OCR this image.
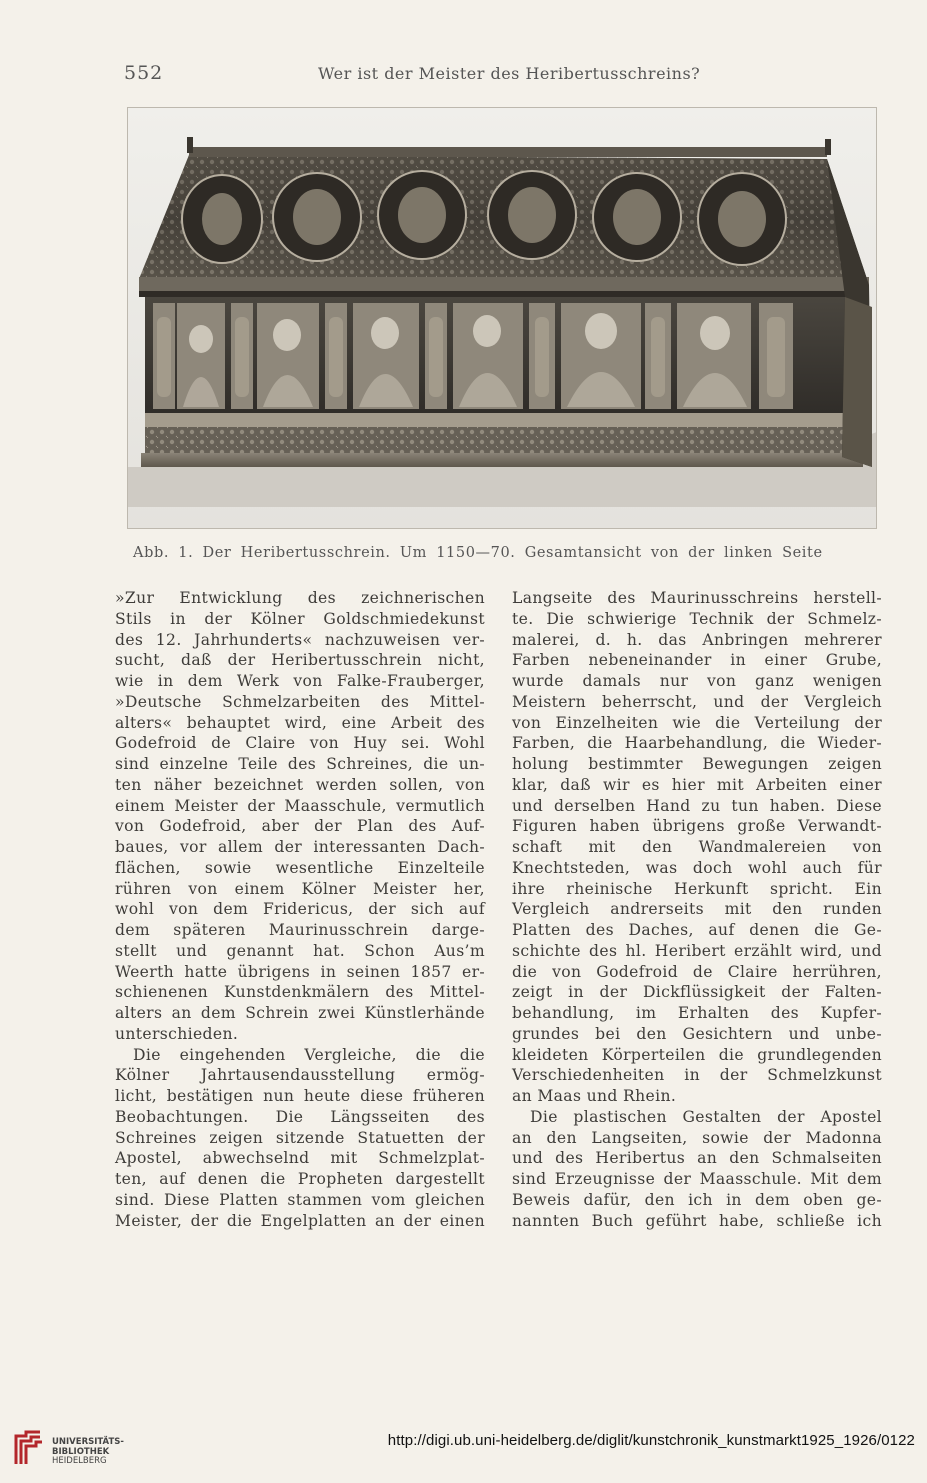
552	Wer ist der Meister des Heribertusschreins?
Abb. 1. Der Heribertusschrein. Um 1150—70. Gesamtansicht von der linken Seite
»Zur Entwicklung des zeichnerischen
Stils in der Kölner Goldschmiedekunst
des 12. Jahrhunderts« nachzuweisen ver-
sucht, daß der Heribertusschrein nicht,
wie in dem Werk von Falke-Frauberger,
»Deutsche Schmelzarbeiten des Mittel-
alters« behauptet wird, eine Arbeit des
Godefroid de Claire von Huy sei. Wohl
sind einzelne Teile des Schreines, die un-
ten näher bezeichnet werden sollen, von
einem Meister der Maasschule, vermutlich
von Godefroid, aber der Plan des Auf-
baues, vor allem der interessanten Dach-
flächen, sowie wesentliche Einzelteile
rühren von einem Kölner Meister her,
wohl von dem Fridericus, der sich auf
dem späteren Maurinusschrein darge-
stellt und genannt hat. Schon Aus’m
Weerth hatte übrigens in seinen 1857 er-
schienenen Kunstdenkmälern des Mittel-
alters an dem Schrein zwei Künstlerhände
unterschieden.
Die eingehenden Vergleiche, die die
Kölner Jahrtausendausstellung ermög-
licht, bestätigen nun heute diese früheren
Beobachtungen. Die Längsseiten des
Schreines zeigen sitzende Statuetten der
Apostel, abwechselnd mit Schmelzplat-
ten, auf denen die Propheten dargestellt
sind. Diese Platten stammen vom gleichen
Meister, der die Engelplatten an der einen
Langseite des Maurinusschreins herstell-
te. Die schwierige Technik der Schmelz-
malerei, d. h. das Anbringen mehrerer
Farben nebeneinander in einer Grube,
wurde damals nur von ganz wenigen
Meistern beherrscht, und der Vergleich
von Einzelheiten wie die Verteilung der
Farben, die Haarbehandlung, die Wieder-
holung bestimmter Bewegungen zeigen
klar, daß wir es hier mit Arbeiten einer
und derselben Hand zu tun haben. Diese
Figuren haben übrigens große Verwandt-
schaft mit den Wandmalereien von
Knechtsteden, was doch wohl auch für
ihre rheinische Herkunft spricht. Ein
Vergleich andrerseits mit den runden
Platten des Daches, auf denen die Ge-
schichte des hl. Heribert erzählt wird, und
die von Godefroid de Claire herrühren,
zeigt in der Dickflüssigkeit der Falten-
behandlung, im Erhalten des Kupfer-
grundes bei den Gesichtern und unbe-
kleideten Körperteilen die grundlegenden
Verschiedenheiten in der Schmelzkunst
an Maas und Rhein.
Die plastischen Gestalten der Apostel
an den Langseiten, sowie der Madonna
und des Heribertus an den Schmalseiten
sind Erzeugnisse der Maasschule. Mit dem
Beweis dafür, den ich in dem oben ge-
nannten Buch geführt habe, schließe ich
UNIVERSITÄTS-
BIBLIOTHEK
HEIDELBERG
http://digi.ub.uni-heidelberg.de/diglit/kunstchronik_kunstmarkt1925_1926/0122
